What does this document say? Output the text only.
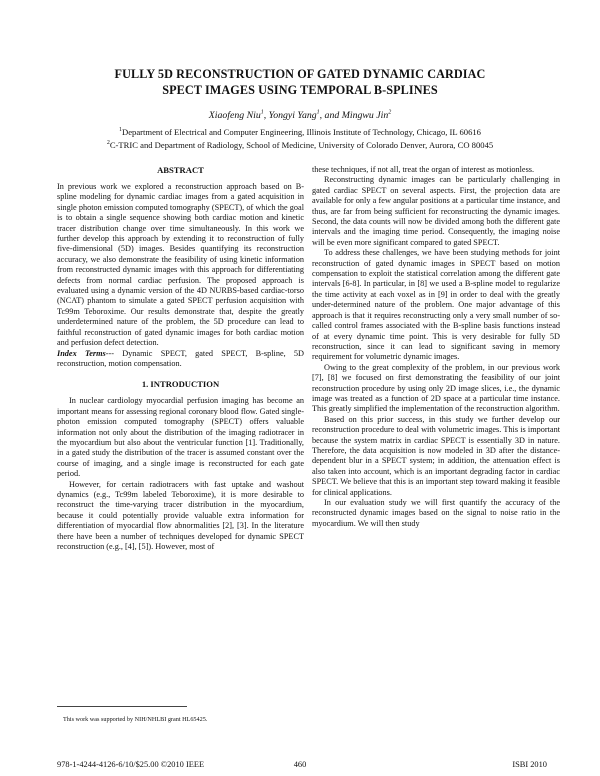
FULLY 5D RECONSTRUCTION OF GATED DYNAMIC CARDIAC
SPECT IMAGES USING TEMPORAL B-SPLINES
Xiaofeng Niu$^1$, Yongyi Yang$^1$, and Mingwu Jin$^2$
$^1$Department of Electrical and Computer Engineering, Illinois Institute of Technology, Chicago, IL 60616
$^2$C-TRIC and Department of Radiology, School of Medicine, University of Colorado Denver, Aurora, CO 80045
ABSTRACT

In previous work we explored a reconstruction approach based on B-spline modeling for dynamic cardiac images from a gated acquisition in single photon emission computed tomography (SPECT), of which the goal is to obtain a single sequence showing both cardiac motion and kinetic tracer distribution change over time simultaneously. In this work we further develop this approach by extending it to reconstruction of fully five-dimensional (5D) images. Besides quantifying its reconstruction accuracy, we also demonstrate the feasibility of using kinetic information from reconstructed dynamic images with this approach for differentiating defects from normal cardiac perfusion. The proposed approach is evaluated using a dynamic version of the 4D NURBS-based cardiac-torso (NCAT) phantom to simulate a gated SPECT perfusion acquisition with Tc99m Teboroxime. Our results demonstrate that, despite the greatly underdetermined nature of the problem, the 5D procedure can lead to faithful reconstruction of gated dynamic images for both cardiac motion and perfusion defect detection.

Index Terms--- Dynamic SPECT, gated SPECT, B-spline, 5D reconstruction, motion compensation.

1. INTRODUCTION

In nuclear cardiology myocardial perfusion imaging has become an important means for assessing regional coronary blood flow. Gated single-photon emission computed tomography (SPECT) offers valuable information not only about the distribution of the imaging radiotracer in the myocardium but also about the ventricular function [1]. Traditionally, in a gated study the distribution of the tracer is assumed constant over the course of imaging, and a single image is reconstructed for each gate period.

However, for certain radiotracers with fast uptake and washout dynamics (e.g., Tc99m labeled Teboroxime), it is more desirable to reconstruct the time-varying tracer distribution in the myocardium, because it could potentially provide valuable extra information for differentiation of myocardial flow abnormalities [2], [3]. In the literature there have been a number of techniques developed for dynamic SPECT reconstruction (e.g., [4], [5]). However, most of

these techniques, if not all, treat the organ of interest as motionless.

Reconstructing dynamic images can be particularly challenging in gated cardiac SPECT on several aspects. First, the projection data are available for only a few angular positions at a particular time instance, and thus, are far from being sufficient for reconstructing the dynamic images. Second, the data counts will now be divided among both the different gate intervals and the imaging time period. Consequently, the imaging noise will be even more significant compared to gated SPECT.

To address these challenges, we have been studying methods for joint reconstruction of gated dynamic images in SPECT based on motion compensation to exploit the statistical correlation among the different gate intervals [6-8]. In particular, in [8] we used a B-spline model to regularize the time activity at each voxel as in [9] in order to deal with the greatly under-determined nature of the problem. One major advantage of this approach is that it requires reconstructing only a very small number of so-called control frames associated with the B-spline basis functions instead of at every dynamic time point. This is very desirable for fully 5D reconstruction, since it can lead to significant saving in memory requirement for volumetric dynamic images.

Owing to the great complexity of the problem, in our previous work [7], [8] we focused on first demonstrating the feasibility of our joint reconstruction procedure by using only 2D image slices, i.e., the dynamic image was treated as a function of 2D space at a particular time instance. This greatly simplified the implementation of the reconstruction algorithm.

Based on this prior success, in this study we further develop our reconstruction procedure to deal with volumetric images. This is important because the system matrix in cardiac SPECT is essentially 3D in nature. Therefore, the data acquisition is now modeled in 3D after the distance-dependent blur in a SPECT system; in addition, the attenuation effect is also taken into account, which is an important degrading factor in cardiac SPECT. We believe that this is an important step toward making it feasible for clinical applications.

In our evaluation study we will first quantify the accuracy of the reconstructed dynamic images based on the signal to noise ratio in the myocardium. We will then study

This work was supported by NIH/NHLBI grant HL65425.
978-1-4244-4126-6/10/$25.00 ©2010 IEEE	460	ISBI 2010
